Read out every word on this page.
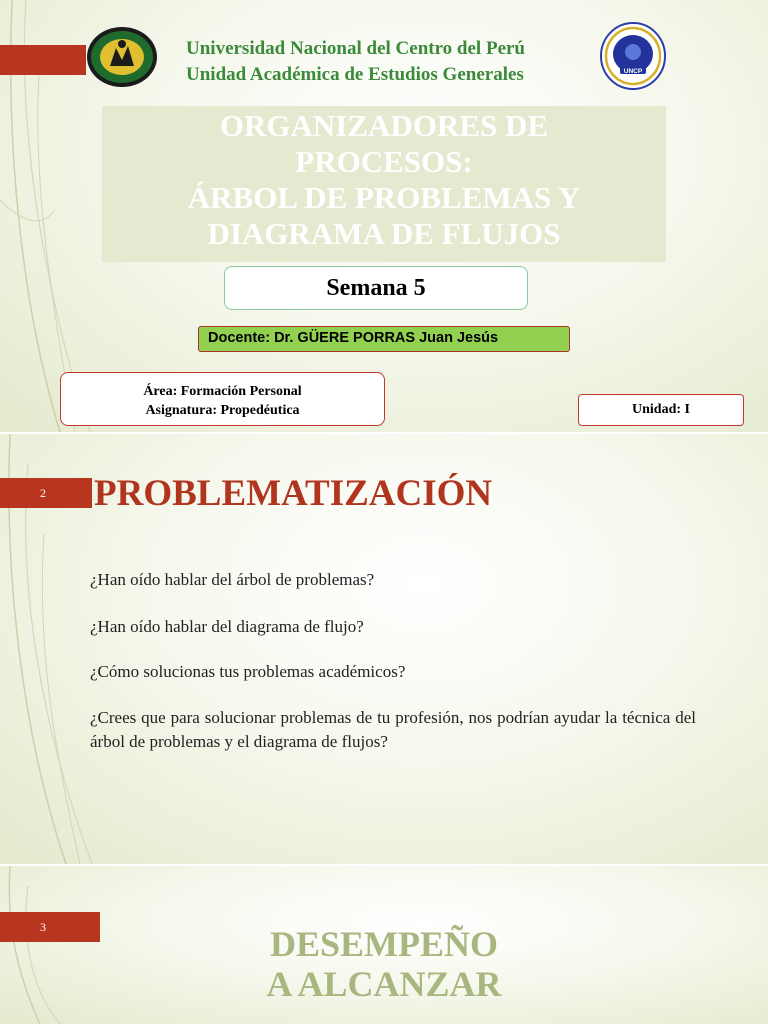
Universidad Nacional del Centro del Perú
Unidad Académica de Estudios Generales	UNCP
ORGANIZADORES DE
PROCESOS:
ÁRBOL DE PROBLEMAS Y
DIAGRAMA DE FLUJOS
Semana 5
Docente: Dr. GÜERE PORRAS Juan Jesús
Área: Formación Personal
Asignatura: Propedéutica	Unidad: I
2	PROBLEMATIZACIÓN
¿Han oído hablar del árbol de problemas?
¿Han oído hablar del diagrama de flujo?
¿Cómo solucionas tus problemas académicos?
¿Crees que para solucionar problemas de tu profesión, nos podrían ayudar la técnica del árbol de problemas y el diagrama de flujos?
3	DESEMPEÑO
A ALCANZAR
